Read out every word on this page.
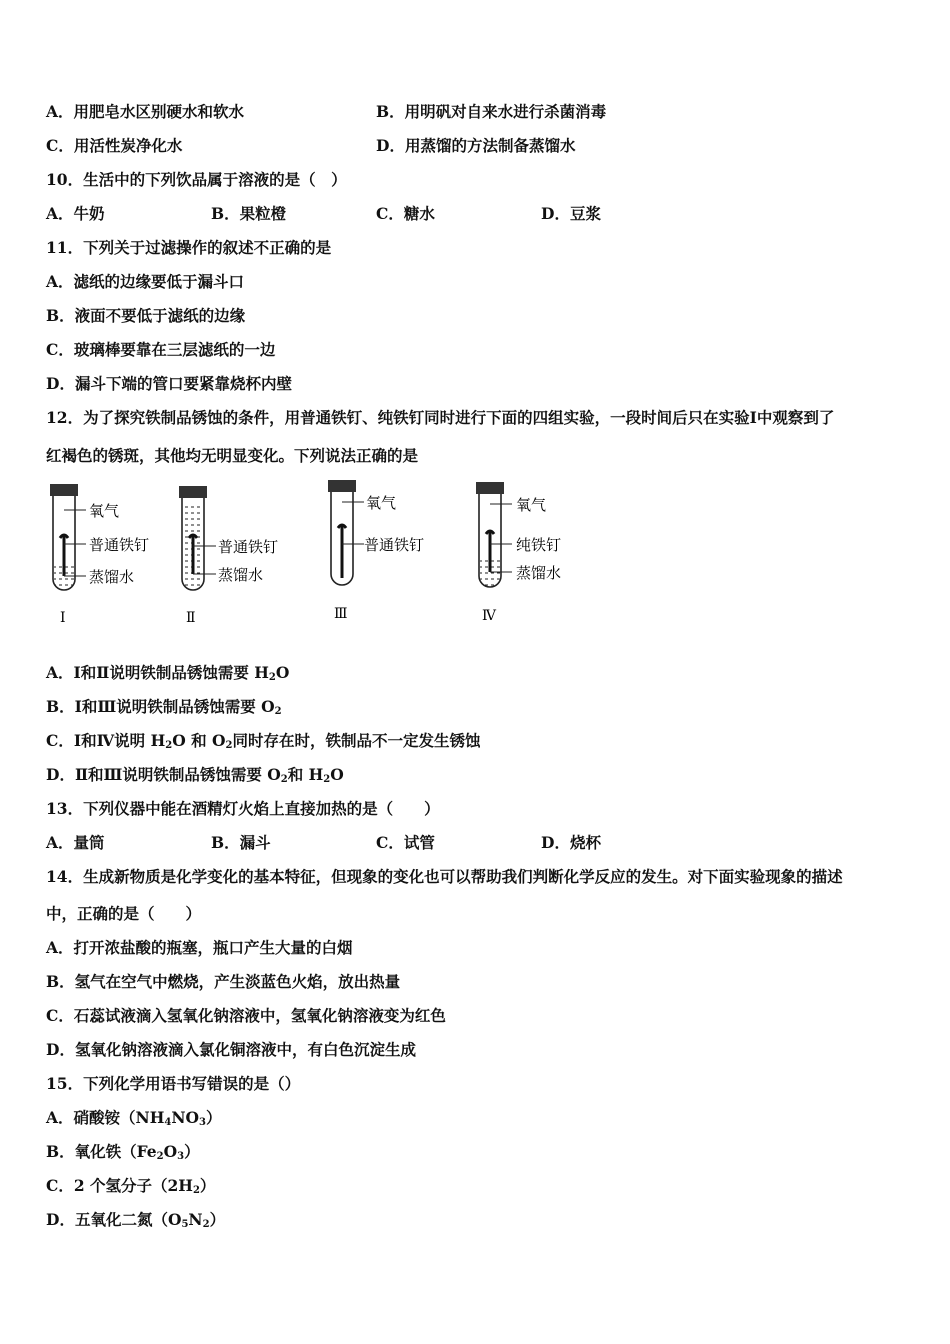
A．用肥皂水区别硬水和软水	B．用明矾对自来水进行杀菌消毒
C．用活性炭净化水	D．用蒸馏的方法制备蒸馏水
10．生活中的下列饮品属于溶液的是（　）
A．牛奶	B．果粒橙	C．糖水	D．豆浆
11．下列关于过滤操作的叙述不正确的是
A．滤纸的边缘要低于漏斗口
B．液面不要低于滤纸的边缘
C．玻璃棒要靠在三层滤纸的一边
D．漏斗下端的管口要紧靠烧杯内壁
12．为了探究铁制品锈蚀的条件，用普通铁钉、纯铁钉同时进行下面的四组实验，一段时间后只在实验Ⅰ中观察到了
红褐色的锈斑，其他均无明显变化。下列说法正确的是
氧气
普通铁钉
蒸馏水
普通铁钉
蒸馏水
氧气
普通铁钉
氧气
纯铁钉
蒸馏水
Ⅰ	Ⅱ	Ⅲ	Ⅳ
A．Ⅰ和Ⅱ说明铁制品锈蚀需要 $H_2O$
B．Ⅰ和Ⅲ说明铁制品锈蚀需要 $O_2$
C．Ⅰ和Ⅳ说明 $H_2O$ 和 $O_2$同时存在时，铁制品不一定发生锈蚀
D．Ⅱ和Ⅲ说明铁制品锈蚀需要 $O_2$和 $H_2O$
13．下列仪器中能在酒精灯火焰上直接加热的是（　　）
A．量筒	B．漏斗	C．试管	D．烧杯
14．生成新物质是化学变化的基本特征，但现象的变化也可以帮助我们判断化学反应的发生。对下面实验现象的描述
中，正确的是（　　）
A．打开浓盐酸的瓶塞，瓶口产生大量的白烟
B．氢气在空气中燃烧，产生淡蓝色火焰，放出热量
C．石蕊试液滴入氢氧化钠溶液中，氢氧化钠溶液变为红色
D．氢氧化钠溶液滴入氯化铜溶液中，有白色沉淀生成
15．下列化学用语书写错误的是（）
A．硝酸铵$(NH_4NO_3)$
B．氧化铁$(Fe_2O_3)$
C．2 个氢分子$(2H_2)$
D．五氧化二氮$(O_5N_2)$
